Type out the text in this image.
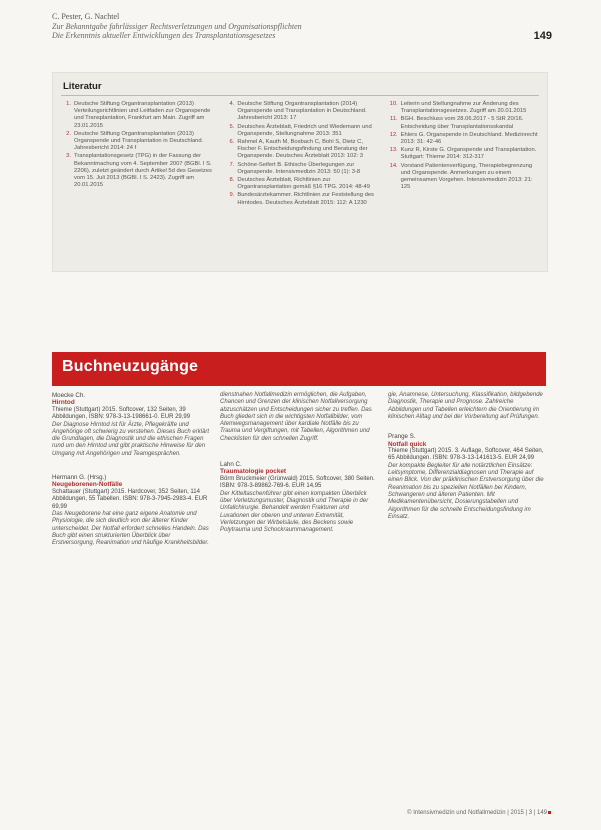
C. Pester, G. Nachtel
Zur Bekanntgabe fahrlässiger Rechtsverletzungen und Organisationspflichten
Die Erkenntnis aktueller Entwicklungen des Transplantationsgesetzes	149
Literatur
1. Deutsche Stiftung Organtransplantation (2013) Verteilungsrichtlinien und Leitfaden zur Organspende und Transplantation, Frankfurt am Main. Zugriff am 23.01.2015
2. Deutsche Stiftung Organtransplantation (2013) Organspende und Transplantation in Deutschland. Jahresbericht 2014: 24 f
3. Transplantationsgesetz (TPG) in der Fassung der Bekanntmachung vom 4. September 2007 (BGBl. I S. 2206), zuletzt geändert durch Artikel 5d des Gesetzes vom 15. Juli 2013 (BGBl. I S. 2423). Zugriff am 20.01.2015
4. Deutsche Stiftung Organtransplantation (2014) Organspende und Transplantation in Deutschland. Jahresbericht 2013: 17
5. Deutsches Ärzteblatt, Friedrich und Wiedemann und Organspende, Stellungnahme 2013: 351
6. Rahmel A, Kauth M, Bosbach C, Bohl S, Dietz C, Fischer F. Entscheidungsfindung und Beratung der Organspende. Deutsches Ärzteblatt 2013: 102: 3
7. Schöne-Seifert B. Ethische Überlegungen zur Organspende. Intensivmedizin 2013: 50 (1): 3-8
8. Deutsches Ärzteblatt, Richtlinien zur Organtransplantation gemäß §16 TPG. 2014: 48-49
9. Bundesärztekammer. Richtlinien zur Feststellung des Hirntodes. Deutsches Ärzteblatt 2015: 112: A 1230
10. Leiterin und Stellungnahme zur Änderung des Transplantationsgesetzes. Zugriff am 20.01.2015
11. BGH. Beschluss vom 28.06.2017 - 5 StR 20/16. Entscheidung über Transplantationsskandal
12. Ehlers G. Organspende in Deutschland. Medizinrecht 2013: 31: 42-46
13. Kunz R, Kirste G. Organspende und Transplantation. Stuttgart: Thieme 2014: 312-317
14. Vorstand Patientenverfügung, Therapiebegrenzung und Organspende. Anmerkungen zu einem gemeinsamen Vorgehen. Intensivmedizin 2013: 21: 125
Buchneuzugänge
Moecke Ch.
Hirntod
Thieme (Stuttgart) 2015. Softcover, 132 Seiten, 39 Abbildungen, ISBN: 978-3-13-198661-0. EUR 29,99
Der Diagnose Hirntod ist für Ärzte, Pflegekräfte und Angehörige oft schwierig zu verstehen. Dieses Buch erklärt die Grundlagen, die Diagnostik und die ethischen Fragen rund um den Hirntod und gibt praktische Hinweise für den Umgang mit Angehörigen und Teamgesprächen.
Hermann G. (Hrsg.)
Neugeborenen-Notfälle
Schattauer (Stuttgart) 2015. Hardcover, 352 Seiten, 114 Abbildungen, 55 Tabellen. ISBN: 978-3-7945-2983-4. EUR 69,99
Das Neugeborene hat eine ganz eigene Anatomie und Physiologie, die sich deutlich von der älterer Kinder unterscheidet. Der Notfall erfordert schnelles Handeln. Das Buch gibt einen strukturierten Überblick über Erstversorgung, Reanimation und häufige Krankheitsbilder.
dienstnahen Notfallmedizin ermöglichen, die Aufgaben, Chancen und Grenzen der klinischen Notfallversorgung abzuschätzen und Entscheidungen sicher zu treffen. Das Buch gliedert sich in die wichtigsten Notfallbilder, vom Atemwegsmanagement über kardiale Notfälle bis zu Trauma und Vergiftungen, mit Tabellen, Algorithmen und Checklisten für den schnellen Zugriff.
Lahn C.
Traumatologie pocket
Börm Bruckmeier (Grünwald) 2015. Softcover, 380 Seiten. ISBN: 978-3-89862-769-6. EUR 14,95
Der Kitteltaschenführer gibt einen kompakten Überblick über Verletzungsmuster, Diagnostik und Therapie in der Unfallchirurgie. Behandelt werden Frakturen und Luxationen der oberen und unteren Extremität, Verletzungen der Wirbelsäule, des Beckens sowie Polytrauma und Schockraummanagement.
gie, Anamnese, Untersuchung, Klassifikation, bildgebende Diagnostik, Therapie und Prognose. Zahlreiche Abbildungen und Tabellen erleichtern die Orientierung im klinischen Alltag und bei der Vorbereitung auf Prüfungen.
Prange S.
Notfall quick
Thieme (Stuttgart) 2015. 3. Auflage, Softcover, 464 Seiten, 65 Abbildungen. ISBN: 978-3-13-141613-5. EUR 24,99
Der kompakte Begleiter für alle notärztlichen Einsätze: Leitsymptome, Differenzialdiagnosen und Therapie auf einen Blick. Von der präklinischen Erstversorgung über die Reanimation bis zu speziellen Notfällen bei Kindern, Schwangeren und älteren Patienten. Mit Medikamentenübersicht, Dosierungstabellen und Algorithmen für die schnelle Entscheidungsfindung im Einsatz.
© Intensivmedizin und Notfallmedizin | 2015 | 3 | 149
